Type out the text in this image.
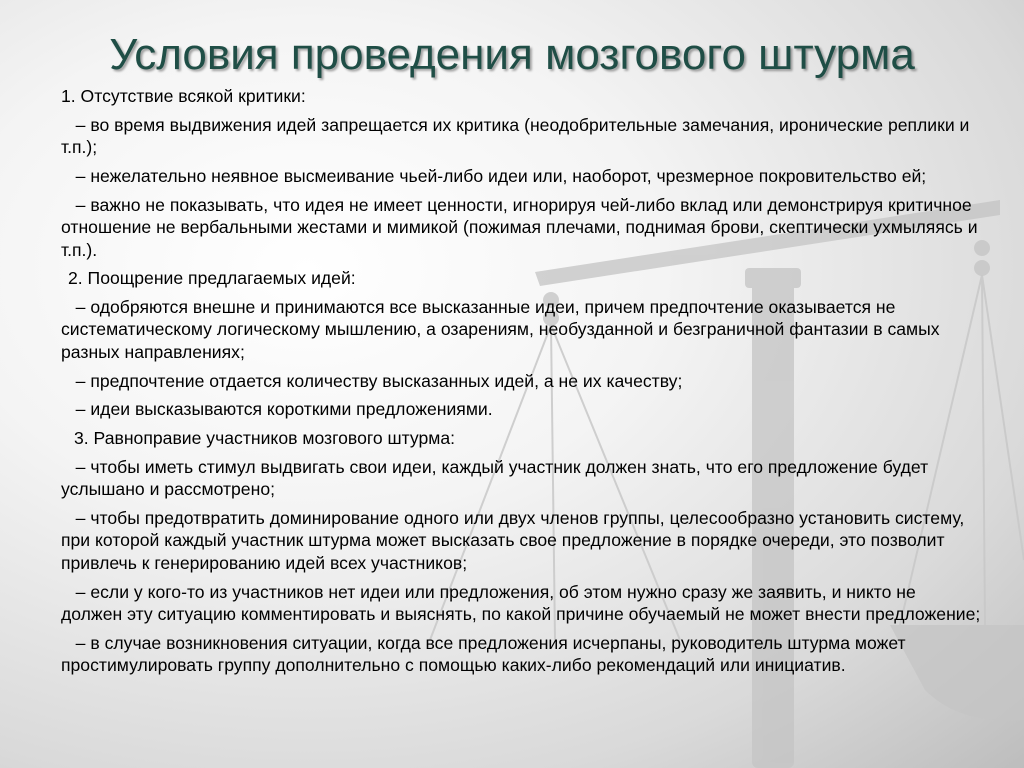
Условия проведения мозгового штурма

1. Отсутствие всякой критики:

– во время выдвижения идей запрещается их критика (неодобрительные замечания, иронические реплики и т.п.);

– нежелательно неявное высмеивание чьей-либо идеи или, наоборот, чрезмерное покровительство ей;

– важно не показывать, что идея не имеет ценности, игнорируя чей-либо вклад или демонстрируя критичное отношение не вербальными жестами и мимикой (пожимая плечами, поднимая брови, скептически ухмыляясь и т.п.).

2. Поощрение предлагаемых идей:

– одобряются внешне и принимаются все высказанные идеи, причем предпочтение оказывается не систематическому логическому мышлению, а озарениям, необузданной и безграничной фантазии в самых разных направлениях;

– предпочтение отдается количеству высказанных идей, а не их качеству;

– идеи высказываются короткими предложениями.

3. Равноправие участников мозгового штурма:

– чтобы иметь стимул выдвигать свои идеи, каждый участник должен знать, что его предложение будет услышано и рассмотрено;

– чтобы предотвратить доминирование одного или двух членов группы, целесообразно установить систему, при которой каждый участник штурма может высказать свое предложение в порядке очереди, это позволит привлечь к генерированию идей всех участников;

– если у кого-то из участников нет идеи или предложения, об этом нужно сразу же заявить, и никто не должен эту ситуацию комментировать и выяснять, по какой причине обучаемый не может внести предложение;

– в случае возникновения ситуации, когда все предложения исчерпаны, руководитель штурма может простимулировать группу дополнительно с помощью каких-либо рекомендаций или инициатив.
